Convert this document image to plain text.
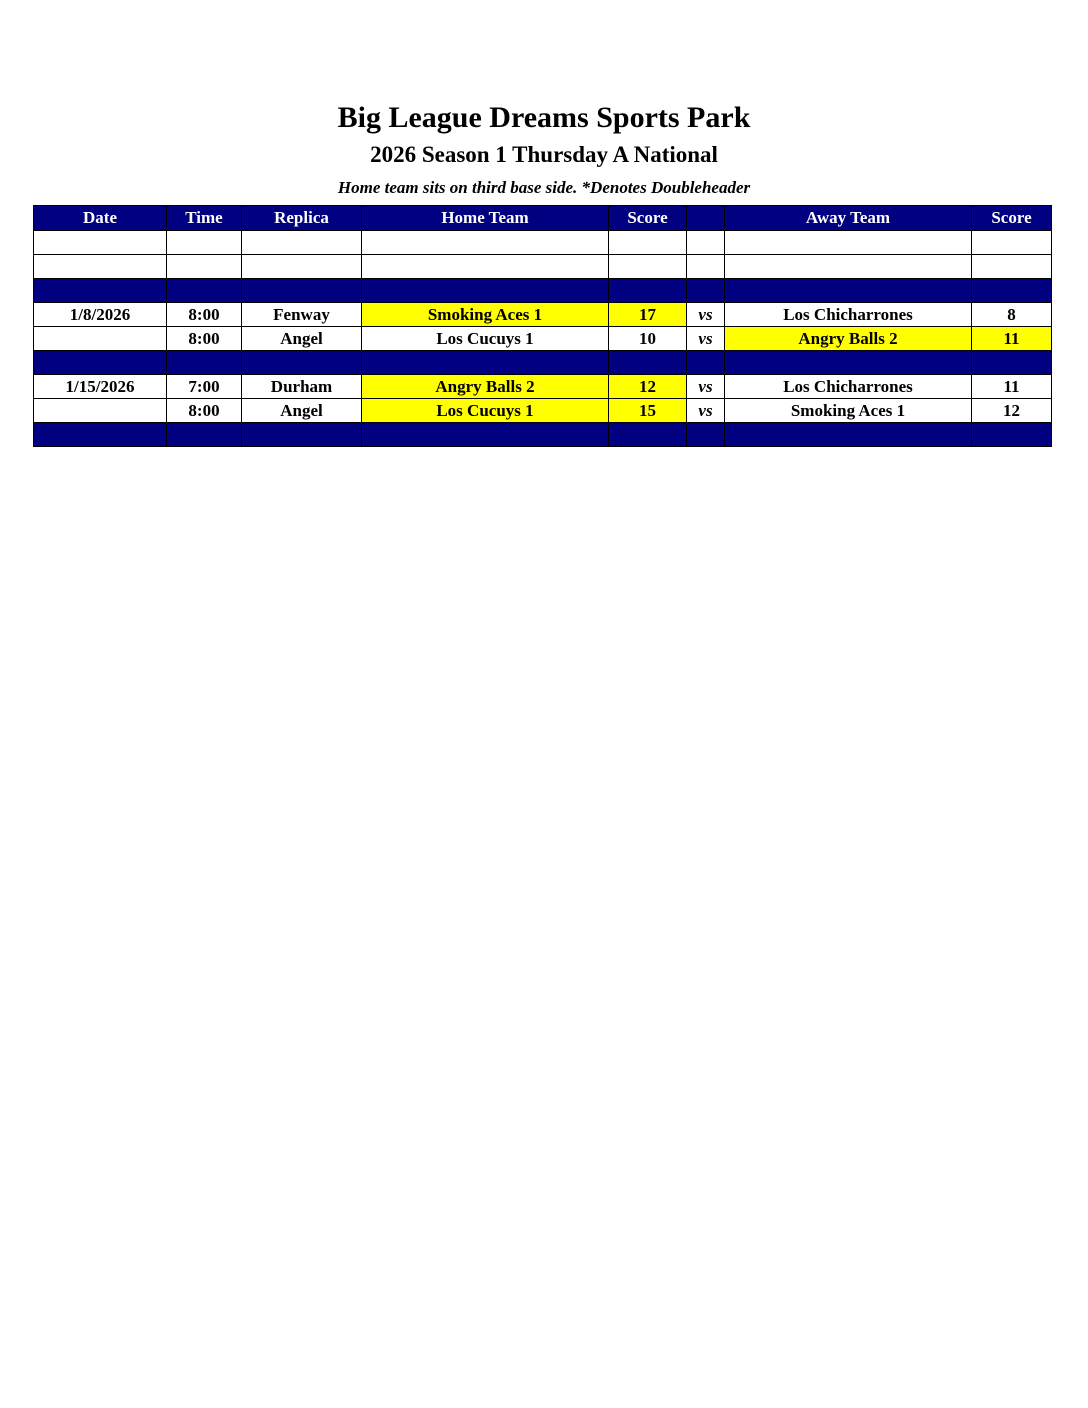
Big League Dreams Sports Park
2026 Season 1 Thursday A National
Home team sits on third base side. *Denotes Doubleheader
Date	Time	Replica	Home Team	Score		Away Team	Score

1/8/2026	8:00	Fenway	Smoking Aces 1	17	vs	Los Chicharrones	8
	8:00	Angel	Los Cucuys 1	10	vs	Angry Balls 2	11

1/15/2026	7:00	Durham	Angry Balls 2	12	vs	Los Chicharrones	11
	8:00	Angel	Los Cucuys 1	15	vs	Smoking Aces 1	12
